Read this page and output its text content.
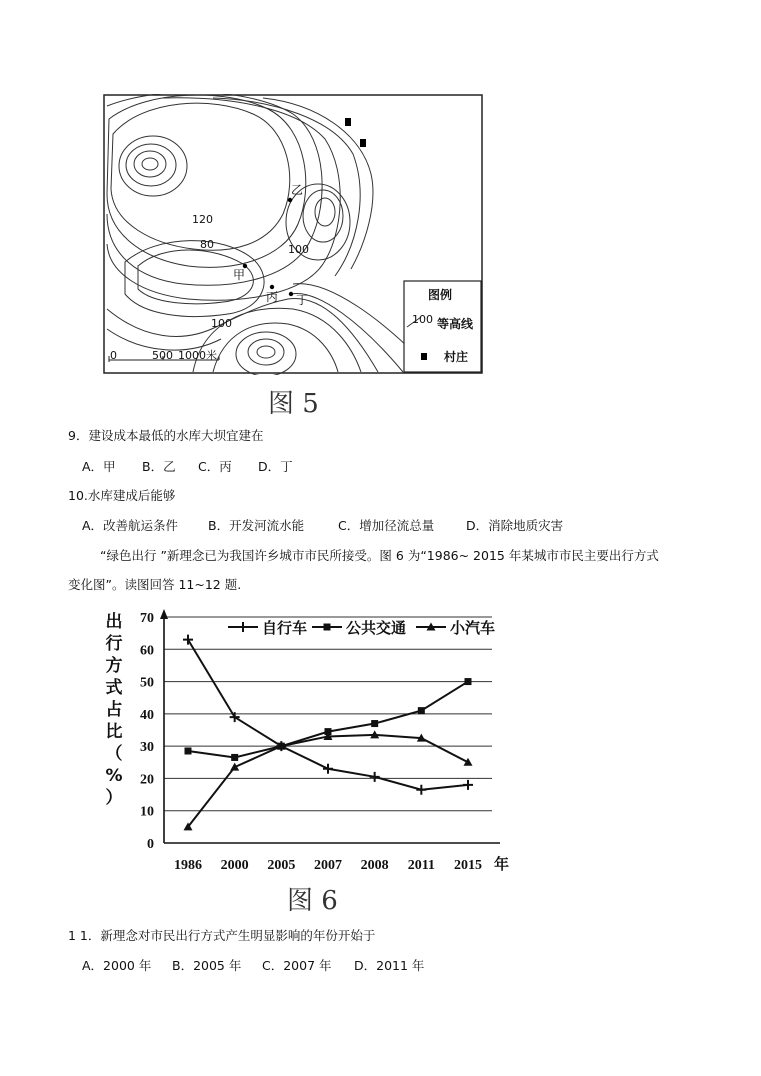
乙
甲
丙 丁
120
80	100
100
0	500 1000米
图例
100 等高线
村庄
图 5
9．建设成本最低的水库大坝宜建在
A．甲 B．乙 C．丙 D．丁
10.水库建成后能够
A．改善航运条件 B．开发河流水能	C．增加径流总量	D．消除地质灾害
“绿色出行 ”新理念已为我国许乡城市市民所接受。图 6 为“1986~ 2015 年某城市市民主要出行方式
变化图”。读图回答 11~12 题.
0
10
20
30
40
50
60
70
1986 2000 2005 2007 2008 2011 2015 年
出
行
方
式
占
比
（
%
）
自行车	公共交通	小汽车
图 6
1 1．新理念对市民出行方式产生明显影响的年份开始于
A．2000 年 B．2005 年 C．2007 年 D．2011 年
